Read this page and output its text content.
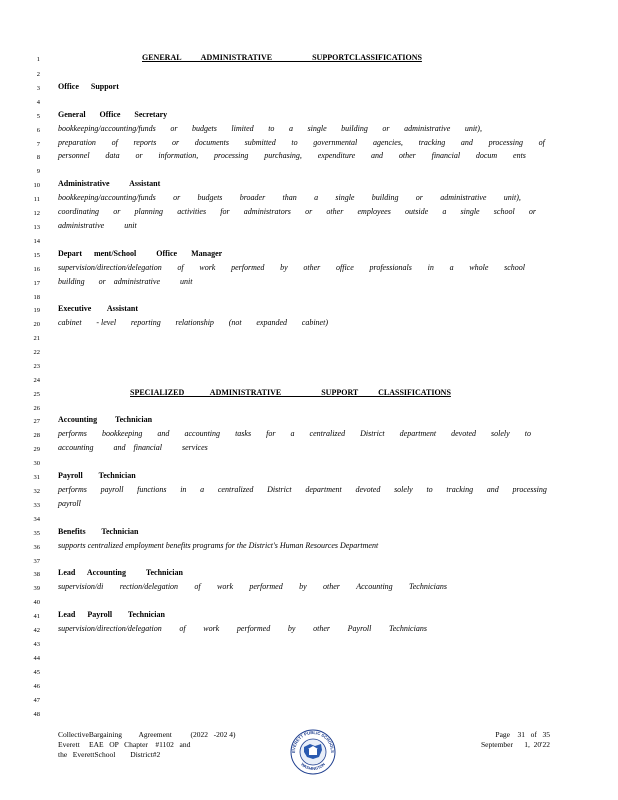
1
2
3
4
5
6
7
8
9
10
11
12
13
14
15
16
17
18
19
20
21
22
23
24
25
26
27
28
29
30
31
32
33
34
35
36
37
38
39
40
41
42
43
44
45
46
47
48
GENERAL          ADMINISTRATIVE                    SUPPORTCLASSIFICATIONS
Office      Support
General       Office       Secretary
bookkeeping/accounting/funds or budgets limited to a single building or administrative unit),
preparation of reports or documents submitted to governmental agencies, tracking and processing of
personnel data or information, processing purchasing, expenditure and other financial docum ents
Administrative          Assistant
bookkeeping/accounting/funds or budgets broader than a single building or administrative unit),
coordinating or planning activities for administrators or other employees outside a single school or
administrative          unit
Depart      ment/School          Office       Manager
supervision/direction/delegation of work performed by other office professionals in a whole school
building       or    administrative          unit
Executive        Assistant
cabinet - level reporting relationship (not expanded cabinet)
SPECIALIZED             ADMINISTRATIVE                    SUPPORT          CLASSIFICATIONS
Accounting         Technician
performs bookkeeping and accounting tasks for a centralized District department devoted solely to
accounting          and    financial          services
Payroll        Technician
performs payroll functions in a centralized District department devoted solely to tracking and processing
payroll
Benefits        Technician
supports centralized employment benefits programs for the District's Human Resources Department
Lead      Accounting          Technician
supervision/di rection/delegation of work performed by other Accounting Technicians
Lead      Payroll        Technician
supervision/direction/delegation of work performed by other Payroll Technicians
CollectiveBargaining         Agreement          (2022   -202 4)
Everett     EAE   OP   Chapter    #1102   and
the   EverettSchool        District#2
Page    31   of   35
September      1,  20'22
EVERETT PUBLIC SCHOOLS
WASHINGTON
